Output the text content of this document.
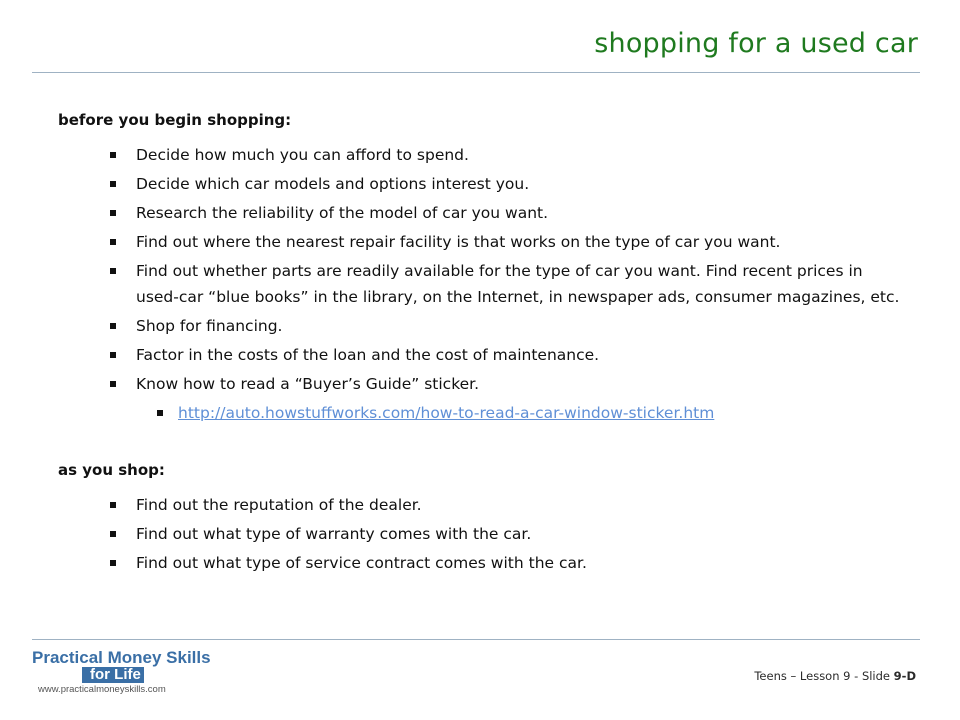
shopping for a used car
before you begin shopping:
Decide how much you can afford to spend.
Decide which car models and options interest you.
Research the reliability of the model of car you want.
Find out where the nearest repair facility is that works on the type of car you want.
Find out whether parts are readily available for the type of car you want. Find recent prices in used-car “blue books” in the library, on the Internet, in newspaper ads, consumer magazines, etc.
Shop for financing.
Factor in the costs of the loan and the cost of maintenance.
Know how to read a “Buyer’s Guide” sticker.
http://auto.howstuffworks.com/how-to-read-a-car-window-sticker.htm
as you shop:
Find out the reputation of the dealer.
Find out what type of warranty comes with the car.
Find out what type of service contract comes with the car.
Practical Money Skills
for Life
www.practicalmoneyskills.com
Teens – Lesson 9 - Slide 9-D
